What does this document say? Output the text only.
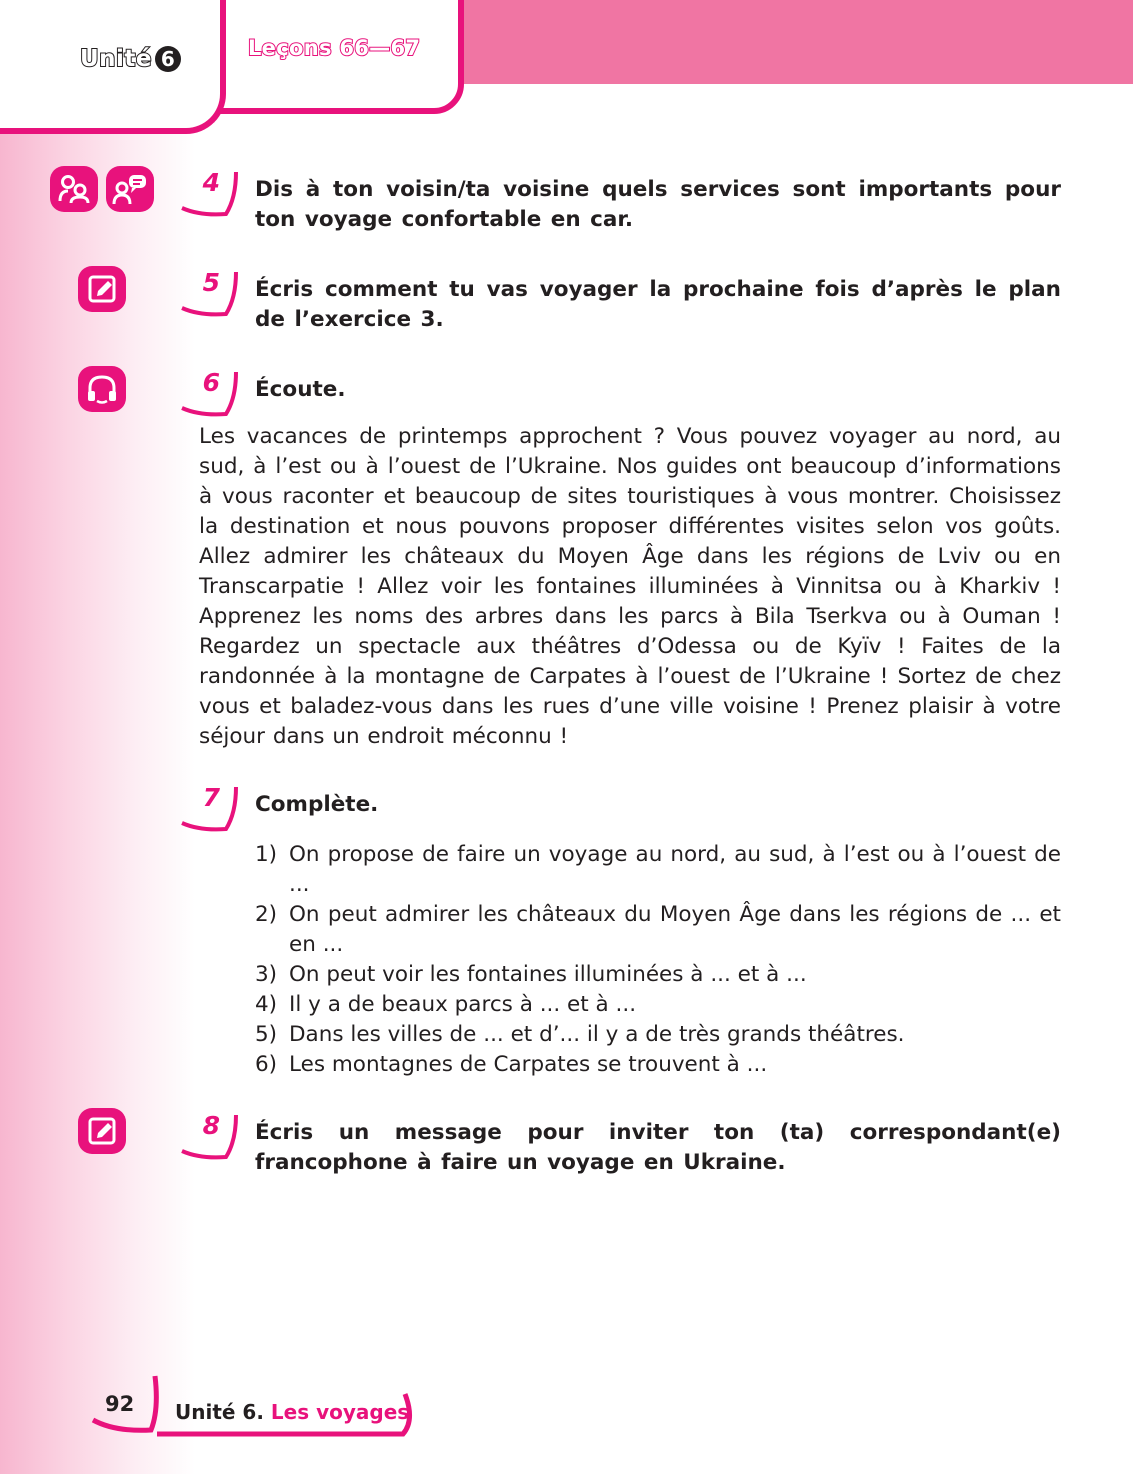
Unité 6	Leçons 66—67
4 Dis à ton voisin/ta voisine quels services sont importants pour ton voyage confortable en car.
5 Écris comment tu vas voyager la prochaine fois d’après le plan de l’exercice 3.
6 Écoute.
Les vacances de printemps approchent ? Vous pouvez voyager au nord, au sud, à l’est ou à l’ouest de l’Ukraine. Nos guides ont beaucoup d’informations à vous raconter et beaucoup de sites touristiques à vous montrer. Choisissez la destination et nous pouvons proposer différentes visites selon vos goûts. Allez admirer les châteaux du Moyen Âge dans les régions de Lviv ou en Transcarpatie ! Allez voir les fontaines illuminées à Vinnitsa ou à Kharkiv ! Apprenez les noms des arbres dans les parcs à Bila Tserkva ou à Ouman ! Regardez un spectacle aux théâtres d’Odessa ou de Kyïv ! Faites de la randonnée à la montagne de Carpates à l’ouest de l’Ukraine ! Sortez de chez vous et baladez-vous dans les rues d’une ville voisine ! Prenez plaisir à votre séjour dans un endroit méconnu !
7 Complète.
1) On propose de faire un voyage au nord, au sud, à l’est ou à l’ouest de ...
2) On peut admirer les châteaux du Moyen Âge dans les régions de ... et en ...
3) On peut voir les fontaines illuminées à ... et à ...
4) Il y a de beaux parcs à ... et à ...
5) Dans les villes de ... et d’... il y a de très grands théâtres.
6) Les montagnes de Carpates se trouvent à ...
8 Écris un message pour inviter ton (ta) correspondant(e) francophone à faire un voyage en Ukraine.
92 Unité 6. Les voyages
